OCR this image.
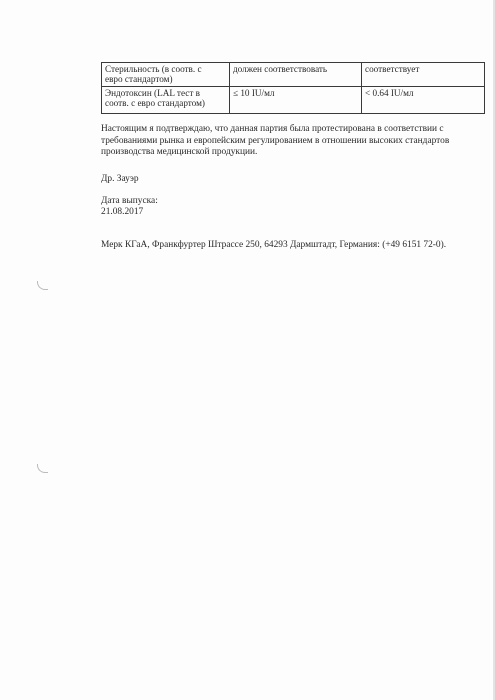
Стерильность (в соотв. с
евро стандартом)	должен соответствовать	соответствует

Эндотоксин (LAL тест в
соотв. с евро стандартом)	≤ 10 IU/мл	< 0.64 IU/мл
Настоящим я подтверждаю, что данная партия была протестирована в соответствии с
требованиями рынка и европейским регулированием в отношении высоких стандартов
производства медицинской продукции.
Др. Зауэр
Дата выпуска:
21.08.2017
Мерк КГаА, Франкфуртер Штрассе 250, 64293 Дармштадт, Германия: (+49 6151 72-0).
